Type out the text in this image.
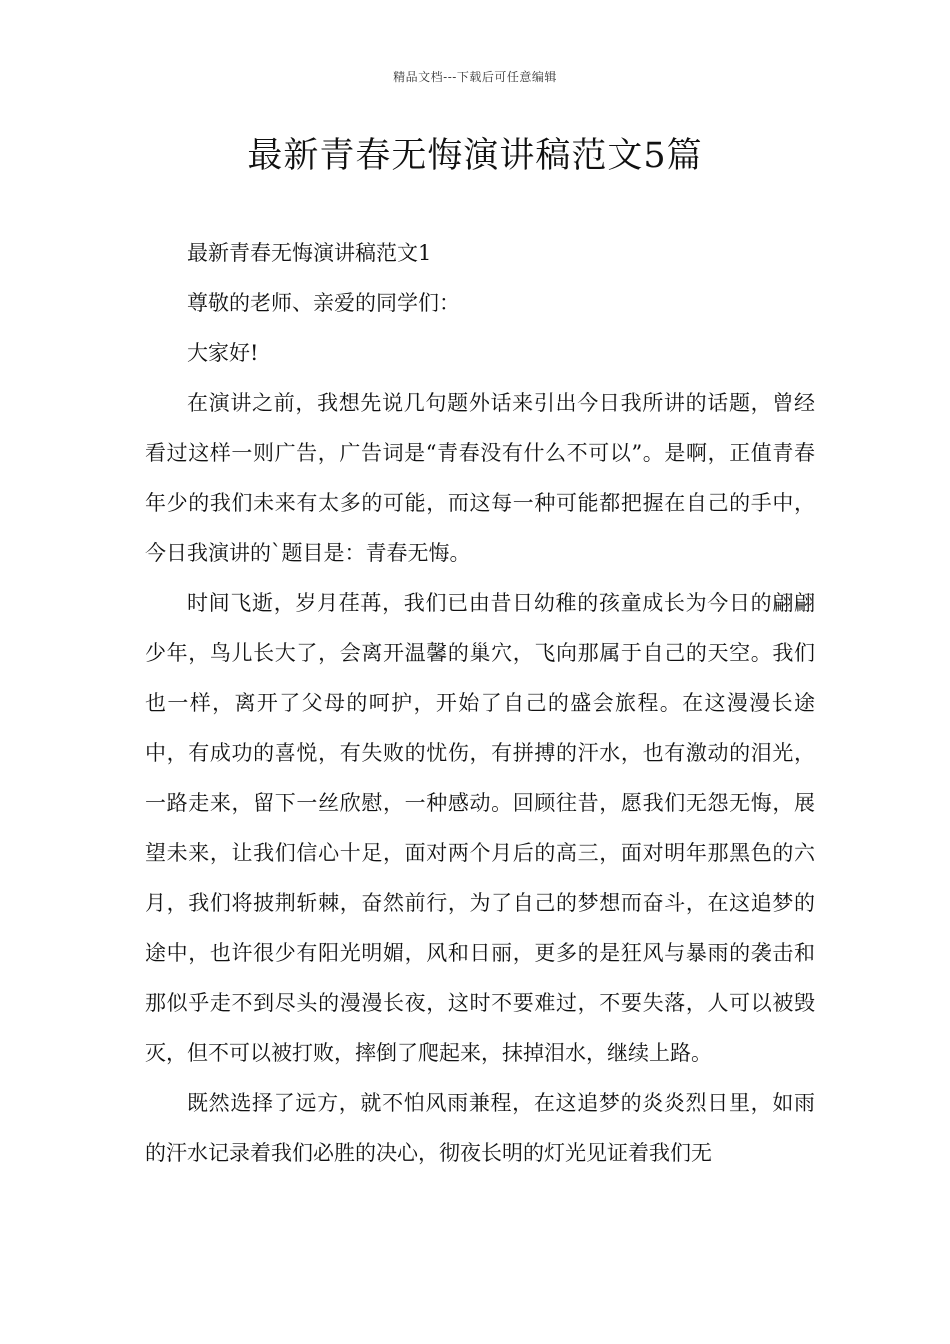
精品文档---下载后可任意编辑
最新青春无悔演讲稿范文5篇

最新青春无悔演讲稿范文1

尊敬的老师、亲爱的同学们：

大家好!

在演讲之前，我想先说几句题外话来引出今日我所讲的话题，曾经看过这样一则广告，广告词是“青春没有什么不可以”。是啊，正值青春年少的我们未来有太多的可能，而这每一种可能都把握在自己的手中，今日我演讲的`题目是：青春无悔。

时间飞逝，岁月荏苒，我们已由昔日幼稚的孩童成长为今日的翩翩少年，鸟儿长大了，会离开温馨的巢穴，飞向那属于自己的天空。我们也一样，离开了父母的呵护，开始了自己的盛会旅程。在这漫漫长途中，有成功的喜悦，有失败的忧伤，有拼搏的汗水，也有激动的泪光，一路走来，留下一丝欣慰，一种感动。回顾往昔，愿我们无怨无悔，展望未来，让我们信心十足，面对两个月后的高三，面对明年那黑色的六月，我们将披荆斩棘，奋然前行，为了自己的梦想而奋斗，在这追梦的途中，也许很少有阳光明媚，风和日丽，更多的是狂风与暴雨的袭击和那似乎走不到尽头的漫漫长夜，这时不要难过，不要失落，人可以被毁灭，但不可以被打败，摔倒了爬起来，抹掉泪水，继续上路。

既然选择了远方，就不怕风雨兼程，在这追梦的炎炎烈日里，如雨的汗水记录着我们必胜的决心，彻夜长明的灯光见证着我们无
